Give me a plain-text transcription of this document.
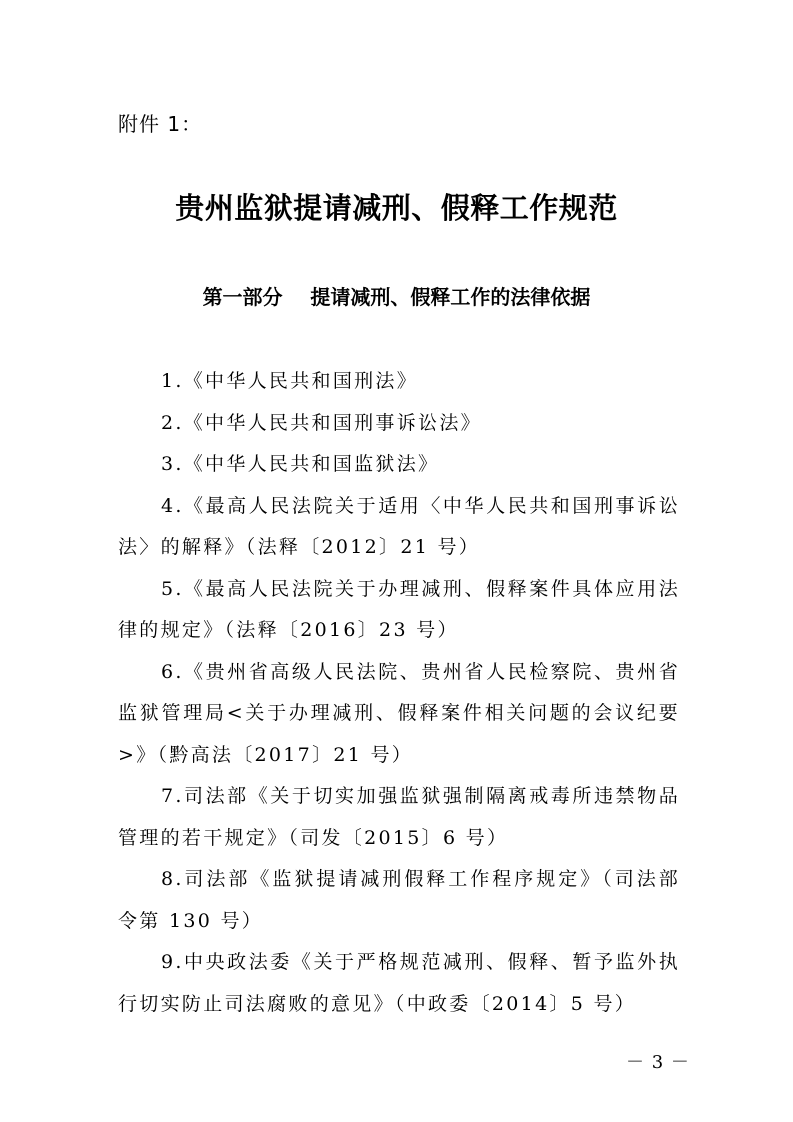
附件 1：
贵州监狱提请减刑、假释工作规范
第一部分    提请减刑、假释工作的法律依据
1.《中华人民共和国刑法》
2.《中华人民共和国刑事诉讼法》
3.《中华人民共和国监狱法》
4.《最高人民法院关于适用〈中华人民共和国刑事诉讼法〉的解释》（法释〔2012〕21 号）
5.《最高人民法院关于办理减刑、假释案件具体应用法律的规定》（法释〔2016〕23 号）
6.《贵州省高级人民法院、贵州省人民检察院、贵州省监狱管理局<关于办理减刑、假释案件相关问题的会议纪要>》（黔高法〔2017〕21 号）
7.司法部《关于切实加强监狱强制隔离戒毒所违禁物品管理的若干规定》（司发〔2015〕6 号）
8.司法部《监狱提请减刑假释工作程序规定》（司法部令第 130 号）
9.中央政法委《关于严格规范减刑、假释、暂予监外执行切实防止司法腐败的意见》（中政委〔2014〕5 号）
－ 3 －
